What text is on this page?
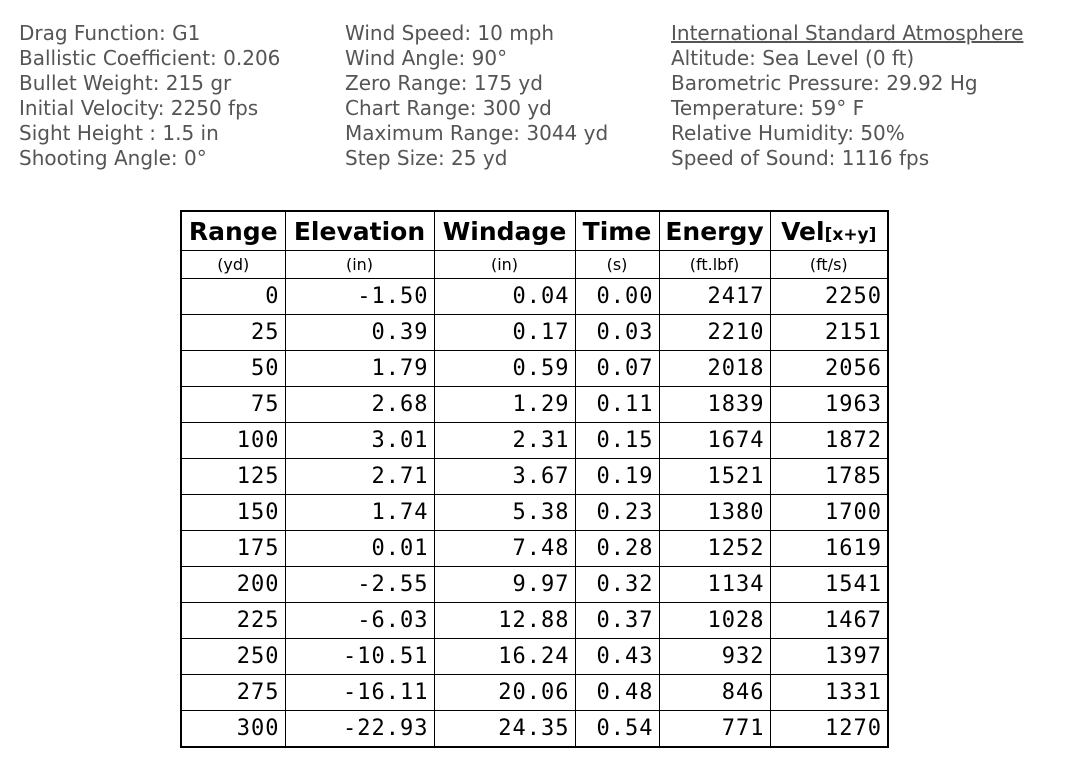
Drag Function: G1
Ballistic Coefficient: 0.206
Bullet Weight: 215 gr
Initial Velocity: 2250 fps
Sight Height : 1.5 in
Shooting Angle: 0°
Wind Speed: 10 mph
Wind Angle: 90°
Zero Range: 175 yd
Chart Range: 300 yd
Maximum Range: 3044 yd
Step Size: 25 yd
International Standard Atmosphere
Altitude: Sea Level (0 ft)
Barometric Pressure: 29.92 Hg
Temperature: 59° F
Relative Humidity: 50%
Speed of Sound: 1116 fps
Range	Elevation	Windage	Time	Energy	Vel[x+y]
(yd)	(in)	(in)	(s)	(ft.lbf)	(ft/s)
0	-1.50	0.04	0.00	2417	2250
25	0.39	0.17	0.03	2210	2151
50	1.79	0.59	0.07	2018	2056
75	2.68	1.29	0.11	1839	1963
100	3.01	2.31	0.15	1674	1872
125	2.71	3.67	0.19	1521	1785
150	1.74	5.38	0.23	1380	1700
175	0.01	7.48	0.28	1252	1619
200	-2.55	9.97	0.32	1134	1541
225	-6.03	12.88	0.37	1028	1467
250	-10.51	16.24	0.43	932	1397
275	-16.11	20.06	0.48	846	1331
300	-22.93	24.35	0.54	771	1270
